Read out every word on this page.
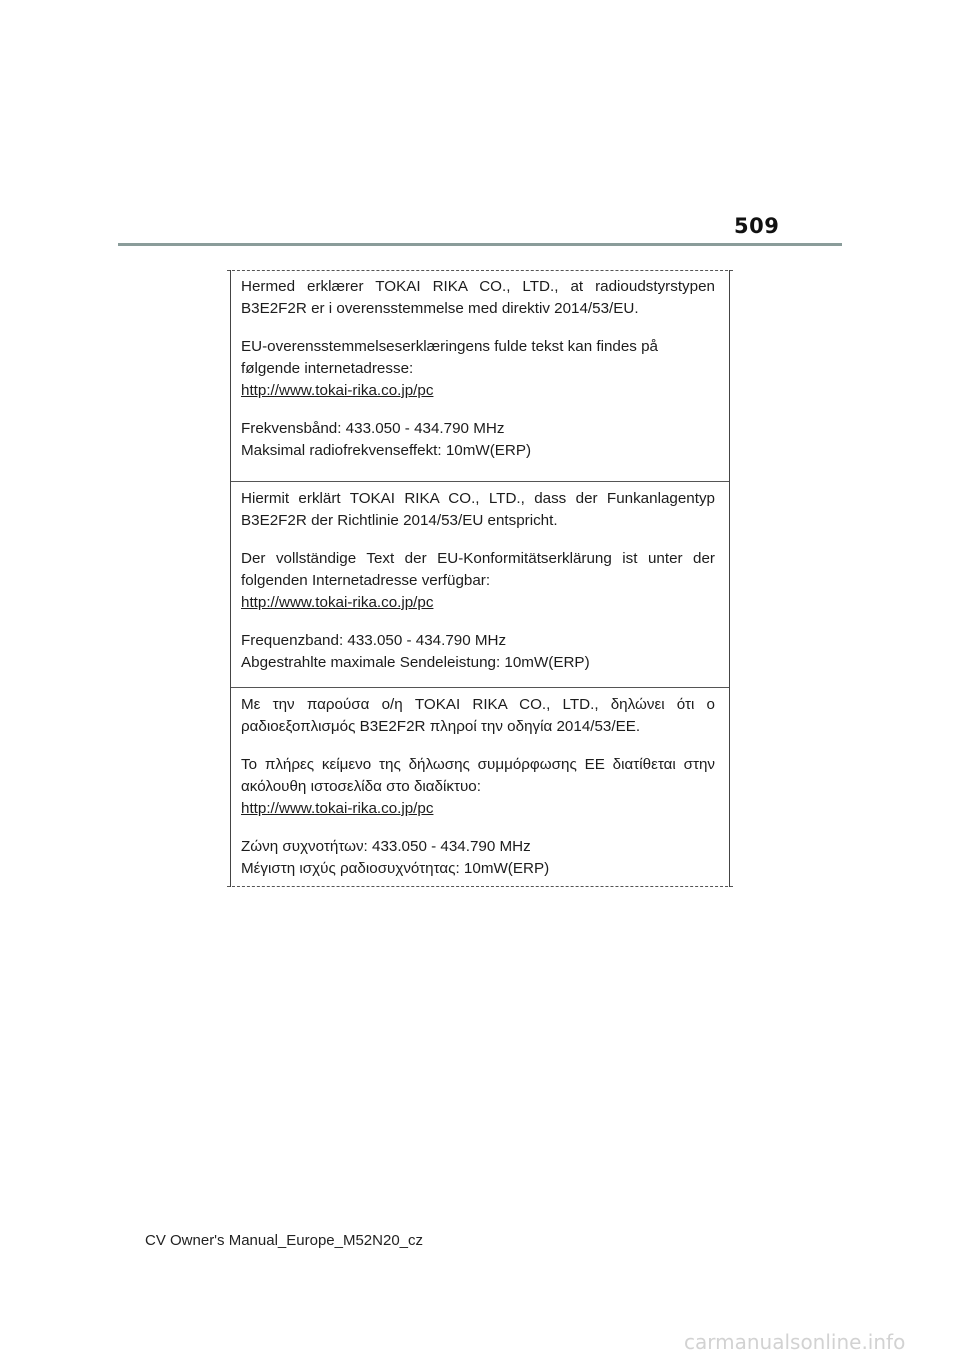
509

Hermed erklærer TOKAI RIKA CO., LTD., at radioudstyrstypen
B3E2F2R er i overensstemmelse med direktiv 2014/53/EU.

EU-overensstemmelseserklæringens fulde tekst kan findes på
følgende internetadresse:
http://www.tokai-rika.co.jp/pc

Frekvensbånd: 433.050 - 434.790 MHz
Maksimal radiofrekvenseffekt: 10mW(ERP)

Hiermit erklärt TOKAI RIKA CO., LTD., dass der Funkanlagentyp
B3E2F2R der Richtlinie 2014/53/EU entspricht.

Der vollständige Text der EU-Konformitätserklärung ist unter der
folgenden Internetadresse verfügbar:
http://www.tokai-rika.co.jp/pc

Frequenzband: 433.050 - 434.790 MHz
Abgestrahlte maximale Sendeleistung: 10mW(ERP)

Με την παρούσα ο/η TOKAI RIKA CO., LTD., δηλώνει ότι ο
ραδιοεξοπλισμός B3E2F2R πληροί την οδηγία 2014/53/ΕΕ.

Το πλήρες κείμενο της δήλωσης συμμόρφωσης ΕΕ διατίθεται στην
ακόλουθη ιστοσελίδα στο διαδίκτυο:
http://www.tokai-rika.co.jp/pc

Ζώνη συχνοτήτων: 433.050 - 434.790 MHz
Μέγιστη ισχύς ραδιοσυχνότητας: 10mW(ERP)

CV Owner's Manual_Europe_M52N20_cz
carmanualsonline.info
